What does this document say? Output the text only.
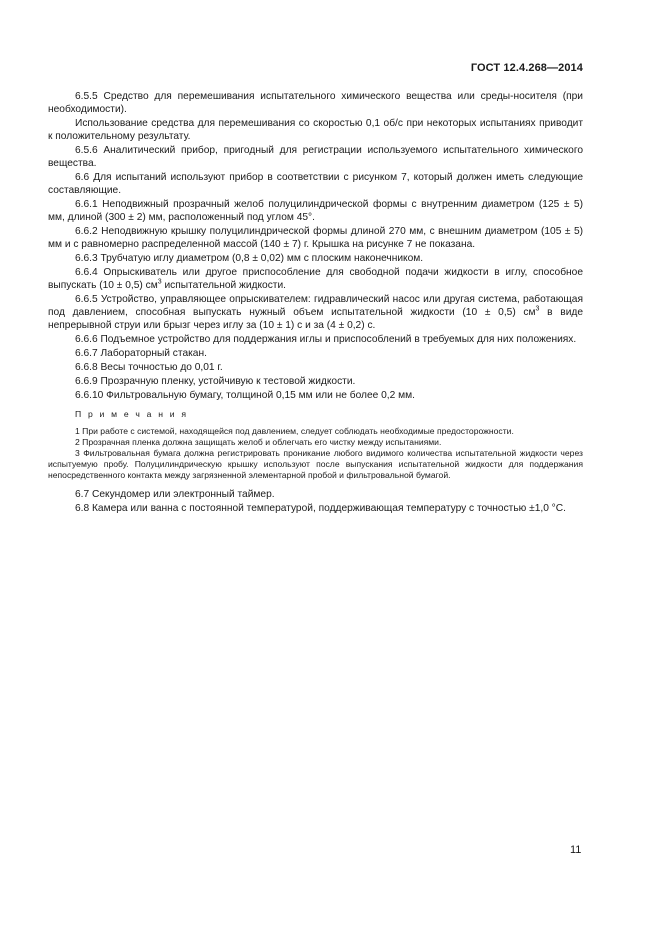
ГОСТ 12.4.268—2014
6.5.5 Средство для перемешивания испытательного химического вещества или среды-носителя (при необходимости).
Использование средства для перемешивания со скоростью 0,1 об/с при некоторых испытаниях приводит к положительному результату.
6.5.6 Аналитический прибор, пригодный для регистрации используемого испытательного химического вещества.
6.6 Для испытаний используют прибор в соответствии с рисунком 7, который должен иметь следующие составляющие.
6.6.1 Неподвижный прозрачный желоб полуцилиндрической формы с внутренним диаметром (125 ± 5) мм, длиной (300 ± 2) мм, расположенный под углом 45°.
6.6.2 Неподвижную крышку полуцилиндрической формы длиной 270 мм, с внешним диаметром (105 ± 5) мм и с равномерно распределенной массой (140 ± 7) г. Крышка на рисунке 7 не показана.
6.6.3 Трубчатую иглу диаметром (0,8 ± 0,02) мм с плоским наконечником.
6.6.4 Опрыскиватель или другое приспособление для свободной подачи жидкости в иглу, способное выпускать (10 ± 0,5) $см^3$ испытательной жидкости.
6.6.5 Устройство, управляющее опрыскивателем: гидравлический насос или другая система, работающая под давлением, способная выпускать нужный объем испытательной жидкости (10 ± 0,5) $см^3$ в виде непрерывной струи или брызг через иглу за (10 ± 1) с и за (4 ± 0,2) с.
6.6.6 Подъемное устройство для поддержания иглы и приспособлений в требуемых для них положениях.
6.6.7 Лабораторный стакан.
6.6.8 Весы точностью до 0,01 г.
6.6.9 Прозрачную пленку, устойчивую к тестовой жидкости.
6.6.10 Фильтровальную бумагу, толщиной 0,15 мм или не более 0,2 мм.
П р и м е ч а н и я
1 При работе с системой, находящейся под давлением, следует соблюдать необходимые предосторожности.
2 Прозрачная пленка должна защищать желоб и облегчать его чистку между испытаниями.
3 Фильтровальная бумага должна регистрировать проникание любого видимого количества испытательной жидкости через испытуемую пробу. Полуцилиндрическую крышку используют после выпускания испытательной жидкости для поддержания непосредственного контакта между загрязненной элементарной пробой и фильтровальной бумагой.
6.7 Секундомер или электронный таймер.
6.8 Камера или ванна с постоянной температурой, поддерживающая температуру с точностью ±1,0 °С.
11
